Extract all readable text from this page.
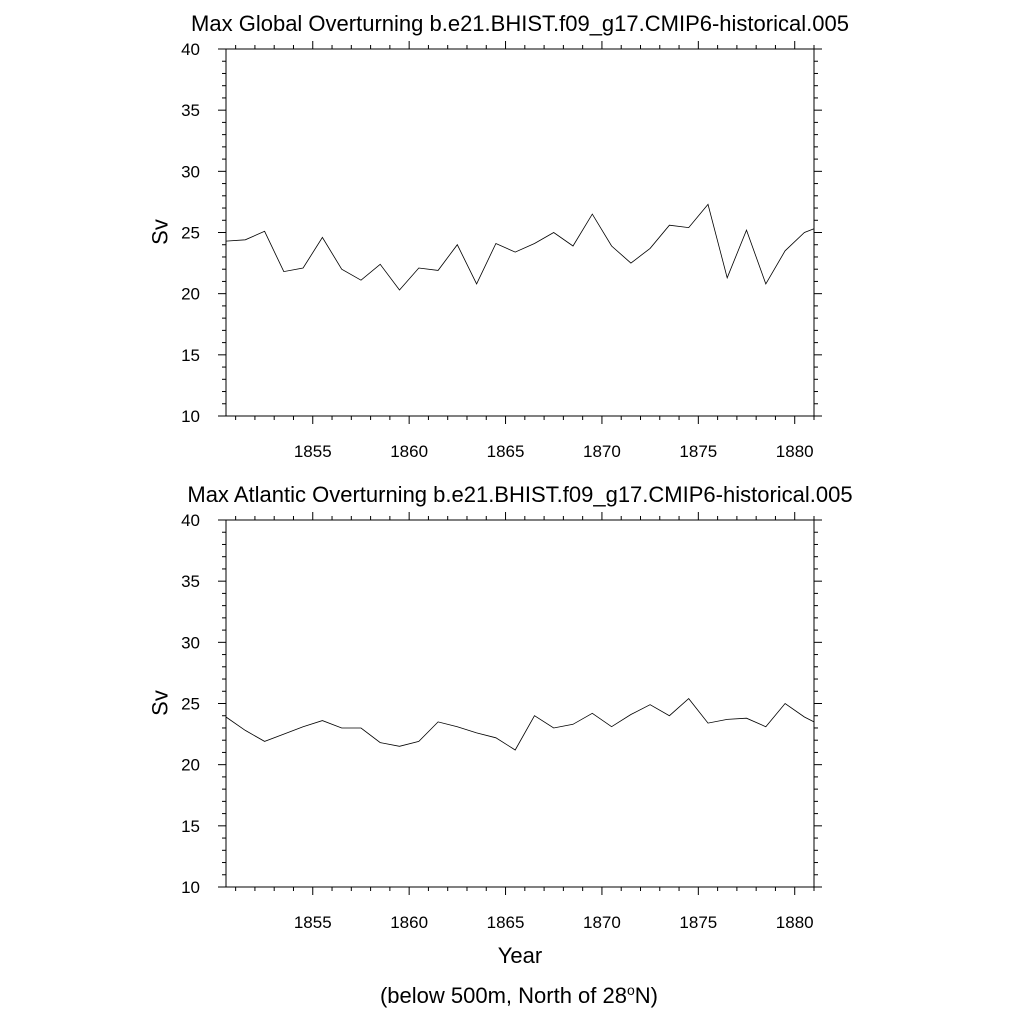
Max Global Overturning b.e21.BHIST.f09_g17.CMIP6-historical.005
10
15
20
25
30
35
40
1855	1860	1865	1870	1875	1880
Sv
Max Atlantic Overturning b.e21.BHIST.f09_g17.CMIP6-historical.005
10
15
20
25
30
35
40
1855	1860	1865	1870	1875	1880
Sv
Year
(below 500m, North of 28$^o$N)
